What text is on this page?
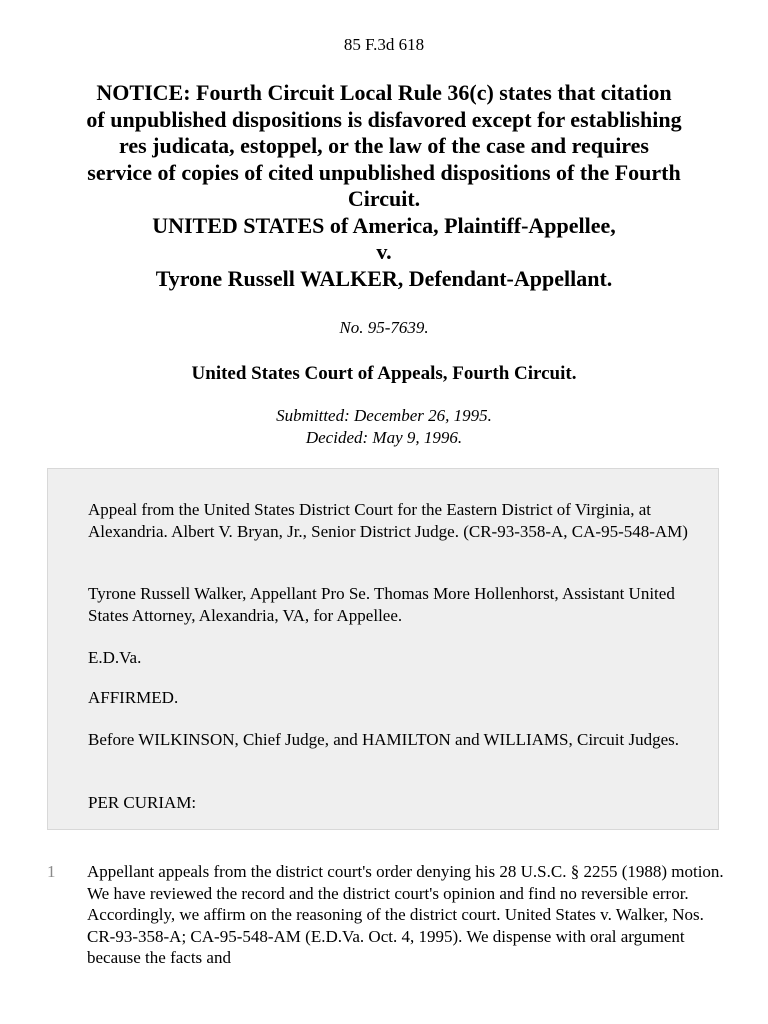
85 F.3d 618
NOTICE: Fourth Circuit Local Rule 36(c) states that citation
of unpublished dispositions is disfavored except for establishing
res judicata, estoppel, or the law of the case and requires
service of copies of cited unpublished dispositions of the Fourth
Circuit.
UNITED STATES of America, Plaintiff-Appellee,
v.
Tyrone Russell WALKER, Defendant-Appellant.
No. 95-7639.
United States Court of Appeals, Fourth Circuit.
Submitted: December 26, 1995.
Decided: May 9, 1996.

Appeal from the United States District Court for the Eastern District of Virginia, at Alexandria. Albert V. Bryan, Jr., Senior District Judge. (CR-93-358-A, CA-95-548-AM)

Tyrone Russell Walker, Appellant Pro Se. Thomas More Hollenhorst, Assistant United States Attorney, Alexandria, VA, for Appellee.

E.D.Va.

AFFIRMED.

Before WILKINSON, Chief Judge, and HAMILTON and WILLIAMS, Circuit Judges.

PER CURIAM:

1 Appellant appeals from the district court's order denying his 28 U.S.C. § 2255 (1988) motion. We have reviewed the record and the district court's opinion and find no reversible error. Accordingly, we affirm on the reasoning of the district court. United States v. Walker, Nos. CR-93-358-A; CA-95-548-AM (E.D.Va. Oct. 4, 1995). We dispense with oral argument because the facts and
